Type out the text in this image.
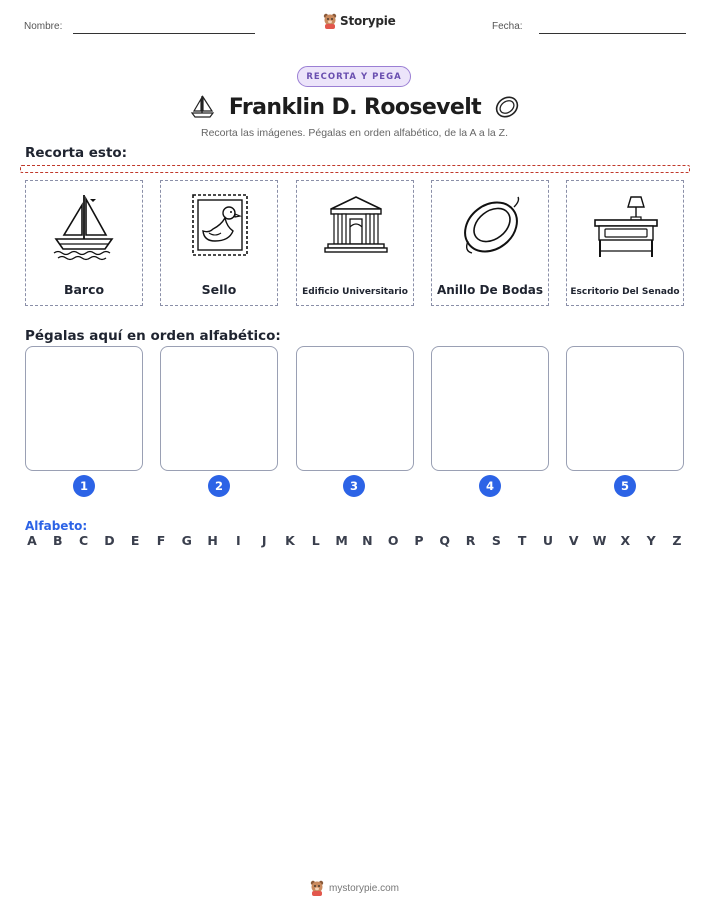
Nombre:	Storypie	Fecha:
RECORTA Y PEGA
Franklin D. Roosevelt
Recorta las imágenes. Pégalas en orden alfabético, de la A a la Z.
Recorta esto:
Barco	Sello	Edificio Universitario	Anillo De Bodas	Escritorio Del Senado
Pégalas aquí en orden alfabético:
1	2	3	4	5
Alfabeto:
A B C D E F G H	I	J	K L M N O P Q R S T U V W X Y Z
mystorypie.com
